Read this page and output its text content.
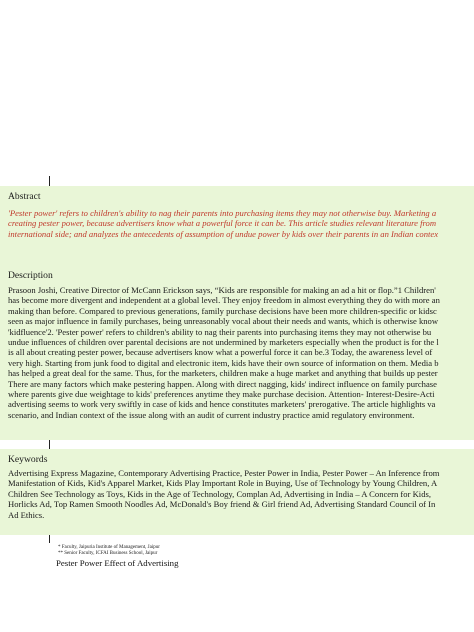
Abstract
'Pester power' refers to children's ability to nag their parents into purchasing items they may not otherwise buy. Marketing a
creating pester power, because advertisers know what a powerful force it can be. This article studies relevant literature from
international side; and analyzes the antecedents of assumption of undue power by kids over their parents in an Indian contex
Description
Prasoon Joshi, Creative Director of McCann Erickson says, “Kids are responsible for making an ad a hit or flop.”1 Children'
has become more divergent and independent at a global level. They enjoy freedom in almost everything they do with more an
making than before. Compared to previous generations, family purchase decisions have been more children-specific or kidsc
seen as major influence in family purchases, being unreasonably vocal about their needs and wants, which is otherwise know
'kidfluence'2. 'Pester power' refers to children's ability to nag their parents into purchasing items they may not otherwise bu
undue influences of children over parental decisions are not undermined by marketers especially when the product is for the l
is all about creating pester power, because advertisers know what a powerful force it can be.3 Today, the awareness level of
very high. Starting from junk food to digital and electronic item, kids have their own source of information on them. Media b
has helped a great deal for the same. Thus, for the marketers, children make a huge market and anything that builds up pester
There are many factors which make pestering happen. Along with direct nagging, kids' indirect influence on family purchase
where parents give due weightage to kids' preferences anytime they make purchase decision. Attention- Interest-Desire-Acti
advertising seems to work very swiftly in case of kids and hence constitutes marketers' prerogative. The article highlights va
scenario, and Indian context of the issue along with an audit of current industry practice amid regulatory environment.
Keywords
Advertising Express Magazine, Contemporary Advertising Practice, Pester Power in India, Pester Power – An Inference from
Manifestation of Kids, Kid's Apparel Market, Kids Play Important Role in Buying, Use of Technology by Young Children, A
Children See Technology as Toys, Kids in the Age of Technology, Complan Ad, Advertising in India – A Concern for Kids,
Horlicks Ad, Top Ramen Smooth Noodles Ad, McDonald's Boy friend & Girl friend Ad, Advertising Standard Council of In
Ad Ethics.
* Faculty, Jaipuria Institute of Management, Jaipur
** Senior Faculty, ICFAI Business School, Jaipur
Pester Power Effect of Advertising
